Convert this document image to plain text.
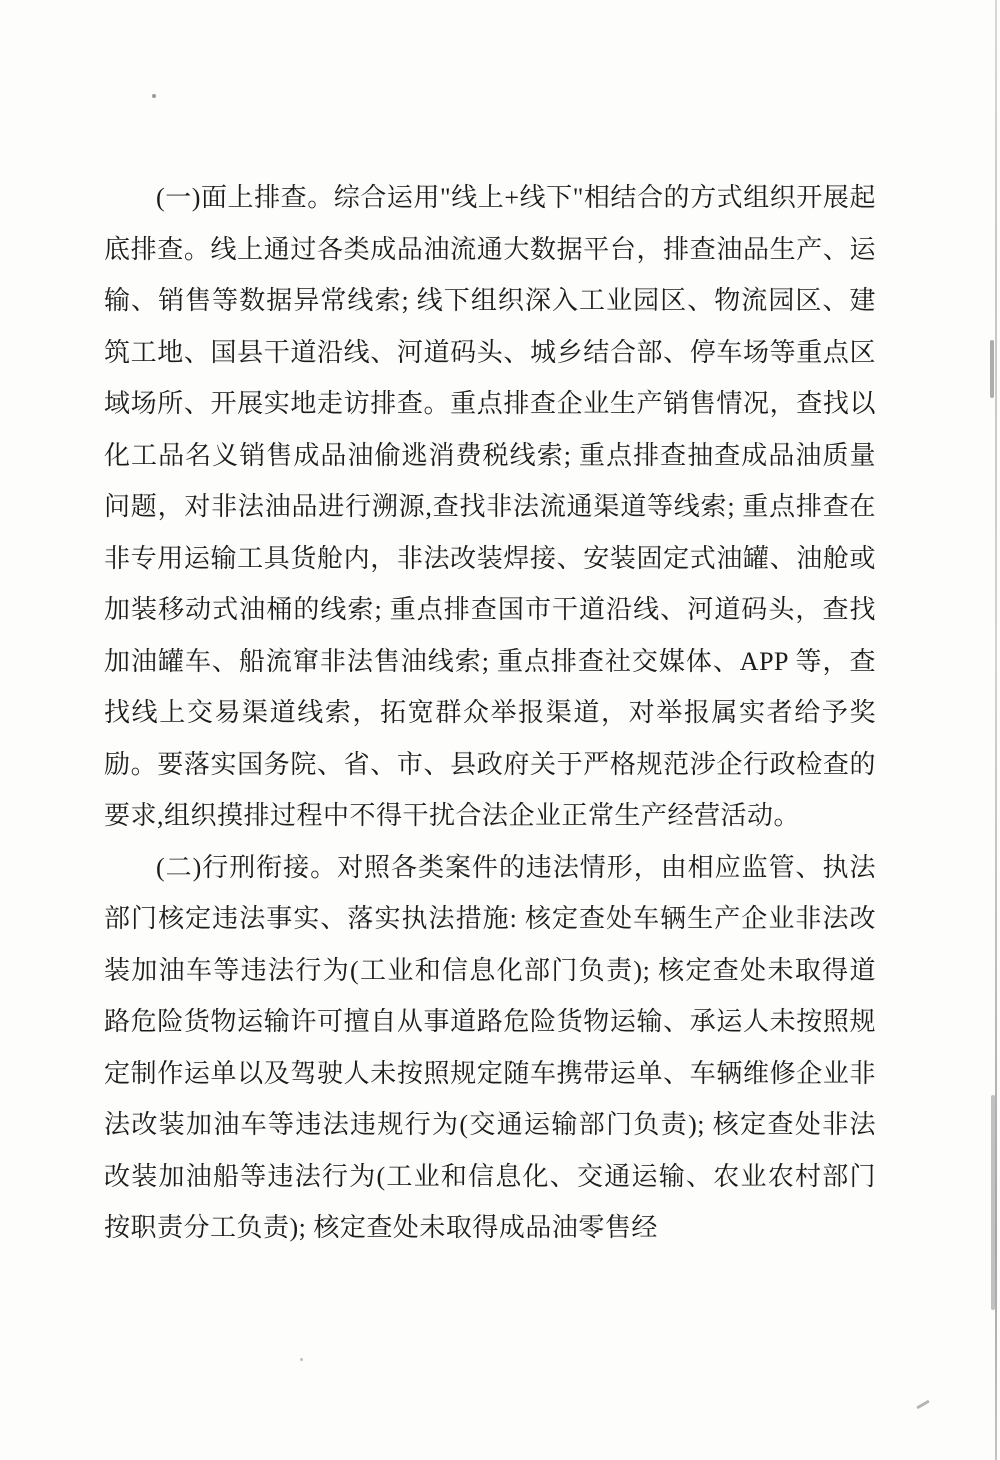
(一)面上排查。综合运用"线上+线下"相结合的方式组织开展起底排查。线上通过各类成品油流通大数据平台，排查油品生产、运输、销售等数据异常线索; 线下组织深入工业园区、物流园区、建筑工地、国县干道沿线、河道码头、城乡结合部、停车场等重点区域场所、开展实地走访排查。重点排查企业生产销售情况，查找以化工品名义销售成品油偷逃消费税线索; 重点排查抽查成品油质量问题，对非法油品进行溯源,查找非法流通渠道等线索; 重点排查在非专用运输工具货舱内，非法改装焊接、安装固定式油罐、油舱或加装移动式油桶的线索; 重点排查国市干道沿线、河道码头，查找加油罐车、船流窜非法售油线索; 重点排查社交媒体、APP 等，查找线上交易渠道线索，拓宽群众举报渠道，对举报属实者给予奖励。要落实国务院、省、市、县政府关于严格规范涉企行政检查的要求,组织摸排过程中不得干扰合法企业正常生产经营活动。

(二)行刑衔接。对照各类案件的违法情形，由相应监管、执法部门核定违法事实、落实执法措施: 核定查处车辆生产企业非法改装加油车等违法行为(工业和信息化部门负责); 核定查处未取得道路危险货物运输许可擅自从事道路危险货物运输、承运人未按照规定制作运单以及驾驶人未按照规定随车携带运单、车辆维修企业非法改装加油车等违法违规行为(交通运输部门负责); 核定查处非法改装加油船等违法行为(工业和信息化、交通运输、农业农村部门按职责分工负责); 核定查处未取得成品油零售经
